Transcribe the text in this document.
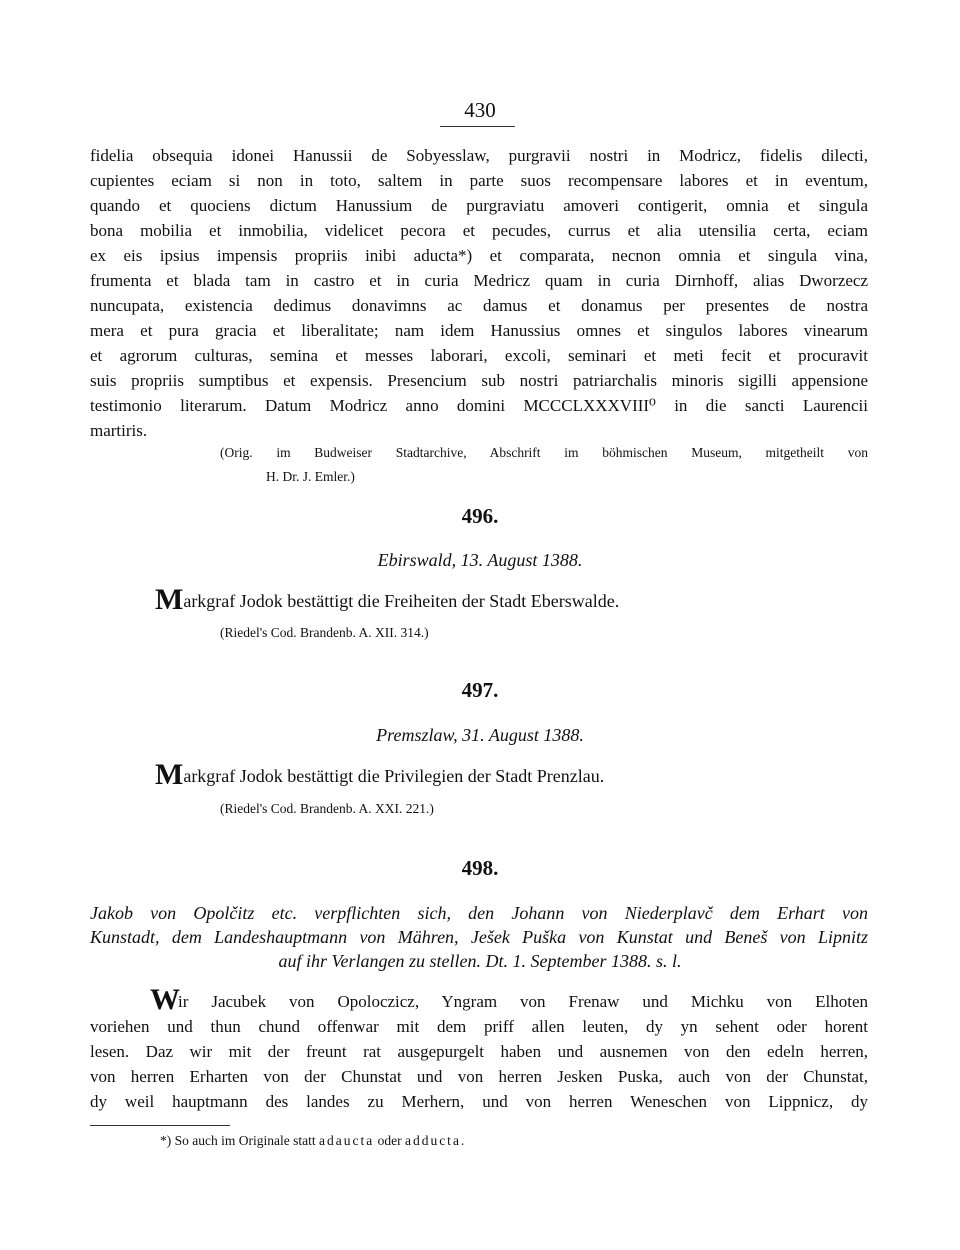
430
fidelia obsequia idonei Hanussii de Sobyesslaw, purgravii nostri in Modricz, fidelis dilecti,
cupientes eciam si non in toto, saltem in parte suos recompensare labores et in eventum,
quando et quociens dictum Hanussium de purgraviatu amoveri contigerit, omnia et singula
bona mobilia et inmobilia, videlicet pecora et pecudes, currus et alia utensilia certa, eciam
ex eis ipsius impensis propriis inibi aducta*) et comparata, necnon omnia et singula vina,
frumenta et blada tam in castro et in curia Medricz quam in curia Dirnhoff, alias Dworzecz
nuncupata, existencia dedimus donavimns ac damus et donamus per presentes de nostra
mera et pura gracia et liberalitate; nam idem Hanussius omnes et singulos labores vinearum
et agrorum culturas, semina et messes laborari, excoli, seminari et meti fecit et procuravit
suis propriis sumptibus et expensis. Presencium sub nostri patriarchalis minoris sigilli appensione
testimonio literarum. Datum Modricz anno domini MCCCLXXXVIII⁰ in die sancti Laurencii
martiris.
(Orig. im Budweiser Stadtarchive, Abschrift im böhmischen Museum, mitgetheilt von
H. Dr. J. Emler.)
496.
Ebirswald, 13. August 1388.
Markgraf Jodok bestättigt die Freiheiten der Stadt Eberswalde.
(Riedel's Cod. Brandenb. A. XII. 314.)
497.
Premszlaw, 31. August 1388.
Markgraf Jodok bestättigt die Privilegien der Stadt Prenzlau.
(Riedel's Cod. Brandenb. A. XXI. 221.)
498.
Jakob von Opolčitz etc. verpflichten sich, den Johann von Niederplavč dem Erhart von
Kunstadt, dem Landeshauptmann von Mähren, Ješek Puška von Kunstat und Beneš von Lipnitz
auf ihr Verlangen zu stellen. Dt. 1. September 1388. s. l.
W
ir Jacubek von Opoloczicz, Yngram von Frenaw und Michku von Elhoten
voriehen und thun chund offenwar mit dem priff allen leuten, dy yn sehent oder horent
lesen. Daz wir mit der freunt rat ausgepurgelt haben und ausnemen von den edeln herren,
von herren Erharten von der Chunstat und von herren Jesken Puska, auch von der Chunstat,
dy weil hauptmann des landes zu Merhern, und von herren Weneschen von Lippnicz, dy
*) So auch im Originale statt adaucta oder adducta.
